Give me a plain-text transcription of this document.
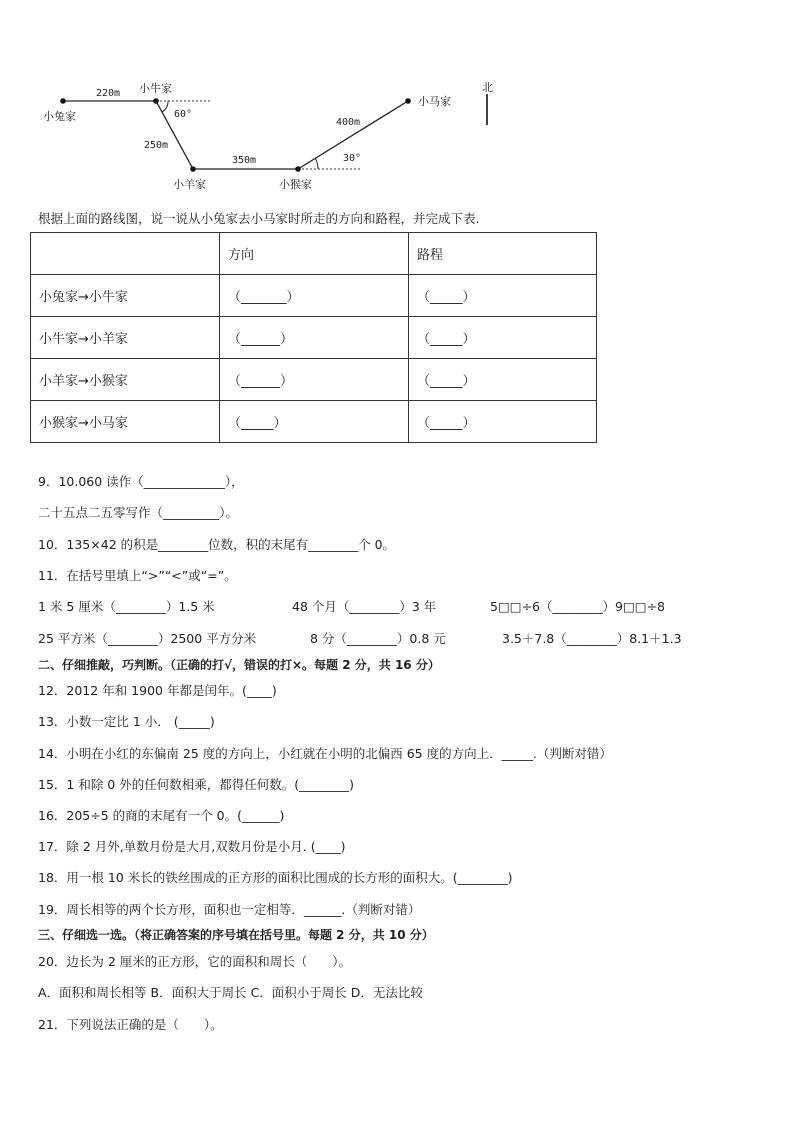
小兔家
小牛家
小羊家	小猴家
小马家
220m
250m
350m
400m
60°
30°
北
根据上面的路线图，说一说从小兔家去小马家时所走的方向和路程，并完成下表.
	方向	路程
小兔家→小牛家	（_______）	（_____）
小牛家→小羊家	（______）	（_____）
小羊家→小猴家	（______）	（_____）
小猴家→小马家	（_____）	（_____）
9．10.060 读作（_____________），
二十五点二五零写作（_________）。
10．135×42 的积是________位数，积的末尾有________个 0。
11．在括号里填上“>”“<”或“=”。
1 米 5 厘米（________）1.5 米	48 个月（________）3 年	5□□÷6（________）9□□÷8
25 平方米（________）2500 平方分米	8 分（________）0.8 元	3.5＋7.8（________）8.1＋1.3
二、仔细推敲，巧判断。（正确的打√，错误的打×。每题 2 分，共 16 分）
12．2012 年和 1900 年都是闰年。(____)
13．小数一定比 1 小． (_____)
14．小明在小红的东偏南 25 度的方向上，小红就在小明的北偏西 65 度的方向上．_____.（判断对错）
15．1 和除 0 外的任何数相乘，都得任何数。(________)
16．205÷5 的商的末尾有一个 0。(______)
17．除 2 月外,单数月份是大月,双数月份是小月. (____)
18．用一根 10 米长的铁丝围成的正方形的面积比围成的长方形的面积大。(________)
19．周长相等的两个长方形，面积也一定相等．______.（判断对错）
三、仔细选一选。（将正确答案的序号填在括号里。每题 2 分，共 10 分）
20．边长为 2 厘米的正方形，它的面积和周长（　　）。
A．面积和周长相等 B．面积大于周长 C．面积小于周长 D．无法比较
21．下列说法正确的是（　　）。
